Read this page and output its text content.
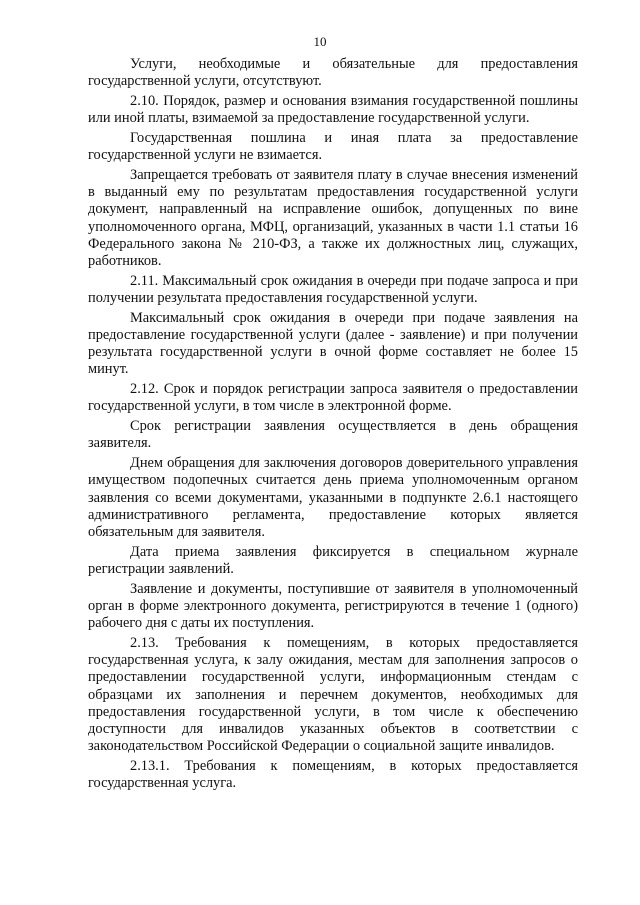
10

Услуги, необходимые и обязательные для предоставления государственной услуги, отсутствуют.

2.10. Порядок, размер и основания взимания государственной пошлины или иной платы, взимаемой за предоставление государственной услуги.

Государственная пошлина и иная плата за предоставление государственной услуги не взимается.

Запрещается требовать от заявителя плату в случае внесения изменений в выданный ему по результатам предоставления государственной услуги документ, направленный на исправление ошибок, допущенных по вине уполномоченного органа, МФЦ, организаций, указанных в части 1.1 статьи 16 Федерального закона № 210-ФЗ, а также их должностных лиц, служащих, работников.

2.11. Максимальный срок ожидания в очереди при подаче запроса и при получении результата предоставления государственной услуги.

Максимальный срок ожидания в очереди при подаче заявления на предоставление государственной услуги (далее - заявление) и при получении результата государственной услуги в очной форме составляет не более 15 минут.

2.12. Срок и порядок регистрации запроса заявителя о предоставлении государственной услуги, в том числе в электронной форме.

Срок регистрации заявления осуществляется в день обращения заявителя.

Днем обращения для заключения договоров доверительного управления имуществом подопечных считается день приема уполномоченным органом заявления со всеми документами, указанными в подпункте 2.6.1 настоящего административного регламента, предоставление которых является обязательным для заявителя.

Дата приема заявления фиксируется в специальном журнале регистрации заявлений.

Заявление и документы, поступившие от заявителя в уполномоченный орган в форме электронного документа, регистрируются в течение 1 (одного) рабочего дня с даты их поступления.

2.13. Требования к помещениям, в которых предоставляется государственная услуга, к залу ожидания, местам для заполнения запросов о предоставлении государственной услуги, информационным стендам с образцами их заполнения и перечнем документов, необходимых для предоставления государственной услуги, в том числе к обеспечению доступности для инвалидов указанных объектов в соответствии с законодательством Российской Федерации о социальной защите инвалидов.

2.13.1. Требования к помещениям, в которых предоставляется государственная услуга.
